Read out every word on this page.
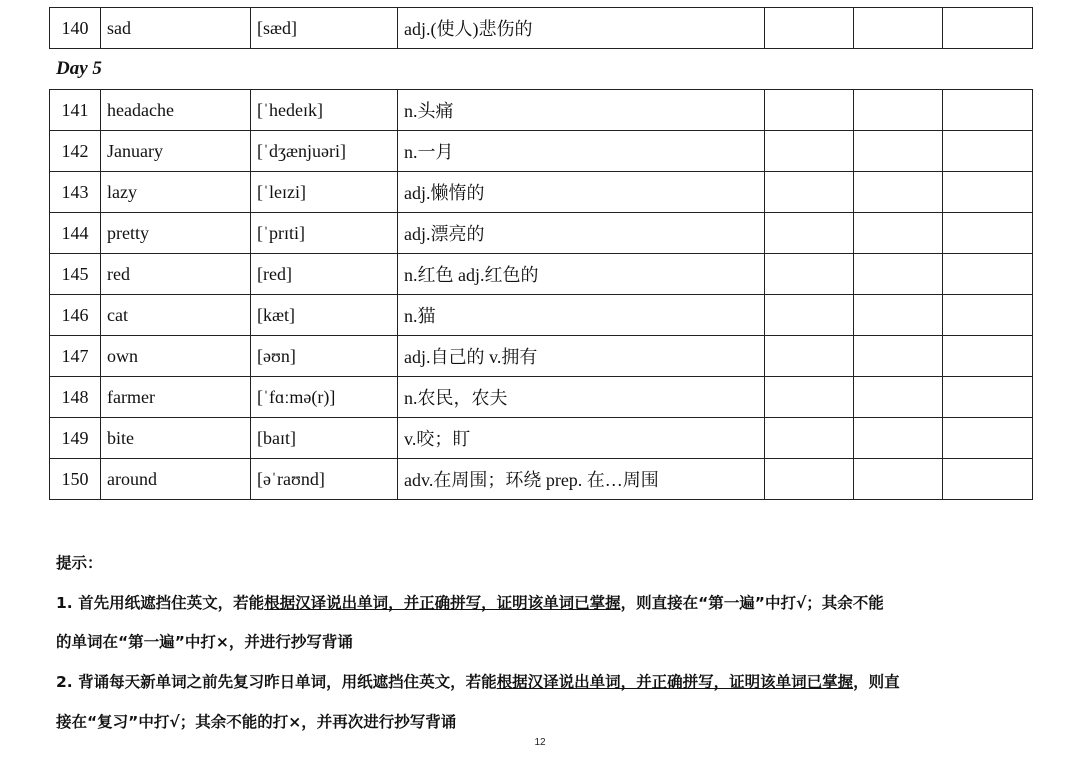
140	sad	[sæd]	adj.(使人)悲伤的			
Day 5
141	headache	[ˈhedeɪk]	n.头痛			
142	January	[ˈdʒænjuəri]	n.一月			
143	lazy	[ˈleɪzi]	adj.懒惰的			
144	pretty	[ˈprɪti]	adj.漂亮的			
145	red	[red]	n.红色 adj.红色的			
146	cat	[kæt]	n.猫			
147	own	[əʊn]	adj.自己的 v.拥有			
148	farmer	[ˈfɑːmə(r)]	n.农民，农夫			
149	bite	[baɪt]	v.咬；盯			
150	around	[əˈraʊnd]	adv.在周围；环绕 prep. 在…周围			
提示：
1. 首先用纸遮挡住英文，若能根据汉译说出单词，并正确拼写，证明该单词已掌握，则直接在“第一遍”中打√；其余不能
的单词在“第一遍”中打×，并进行抄写背诵
2. 背诵每天新单词之前先复习昨日单词，用纸遮挡住英文，若能根据汉译说出单词，并正确拼写，证明该单词已掌握，则直
接在“复习”中打√；其余不能的打×，并再次进行抄写背诵
12
